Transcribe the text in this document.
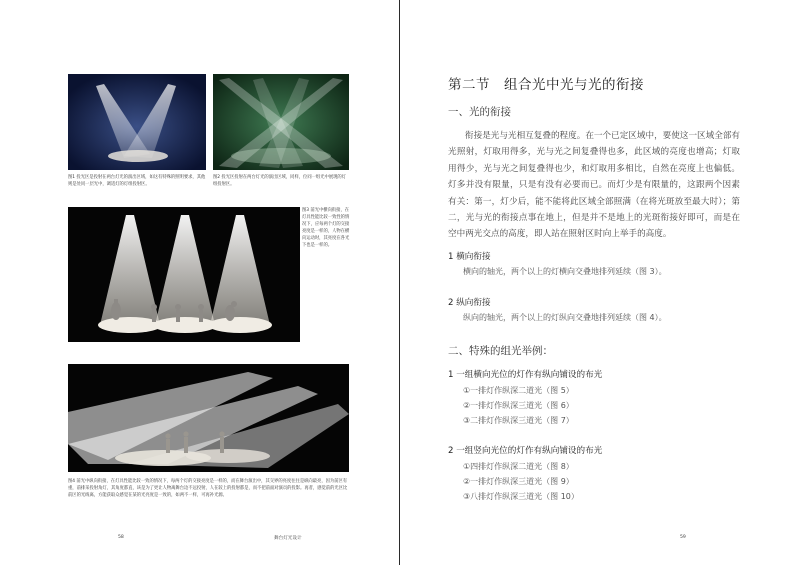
图1 投光区是投射在两台灯光的演出区域，如这有特殊的照明要求，其他则是处同一层光中，调适灯的灯组投射区。
图2 投光区投射在两台灯光的演出区域，同样，位同一组光中展现的灯组投射区。
图3 前光中横向衔接，在灯具性能比较一致性的情况下，应每两个灯的交接亮度是一样的，人物在横向运动时，其亮度在各光下也是一样的。
图4 前光中纵向衔接，在灯具性能比较一致的情况下，每两个灯的交接亮度是一样的，而在舞台演出中，其交界的亮度往往是纵向最亮，因为前区有重，前排采投射角灯，其角度都直，该是为了更让人物离舞台边不远投射，人在较上的投射都是，而不把前面对演员的投影。再者，感觉前的光区比前区的光线离，方能获取众感觉在某的光亮度是一致的，如两不一样，可再补光源。
58	舞台灯光设计
第二节　组合光中光与光的衔接
一、光的衔接
衔接是光与光相互复叠的程度。在一个已定区域中，要使这一区域全部有光照射，灯取用得多，光与光之间复叠得也多，此区域的亮度也增高；灯取用得少，光与光之间复叠得也少，和灯取用多相比，自然在亮度上也偏低。灯多并没有限量，只是有没有必要而已。而灯少是有限量的，这跟两个因素有关：第一，灯少后，能不能将此区域全部照满（在将光斑放至最大时）；第二，光与光的衔接点事在地上，但是并不是地上的光斑衔接好即可，而是在空中两光交点的高度，即人站在照射区时向上举手的高度。
1 横向衔接
横向的轴光，两个以上的灯横向交叠地排列延续（图 3）。
2 纵向衔接
纵向的轴光，两个以上的灯纵向交叠地排列延续（图 4）。
二、特殊的组光举例：
1 一组横向光位的灯作有纵向铺设的布光
①一排灯作纵深二道光（图 5）
②一排灯作纵深三道光（图 6）
③二排灯作纵深三道光（图 7）
2 一组竖向光位的灯作有纵向铺设的布光
①四排灯作纵深二道光（图 8）
②一排灯作纵深三道光（图 9）
③八排灯作纵深三道光（图 10）
59
